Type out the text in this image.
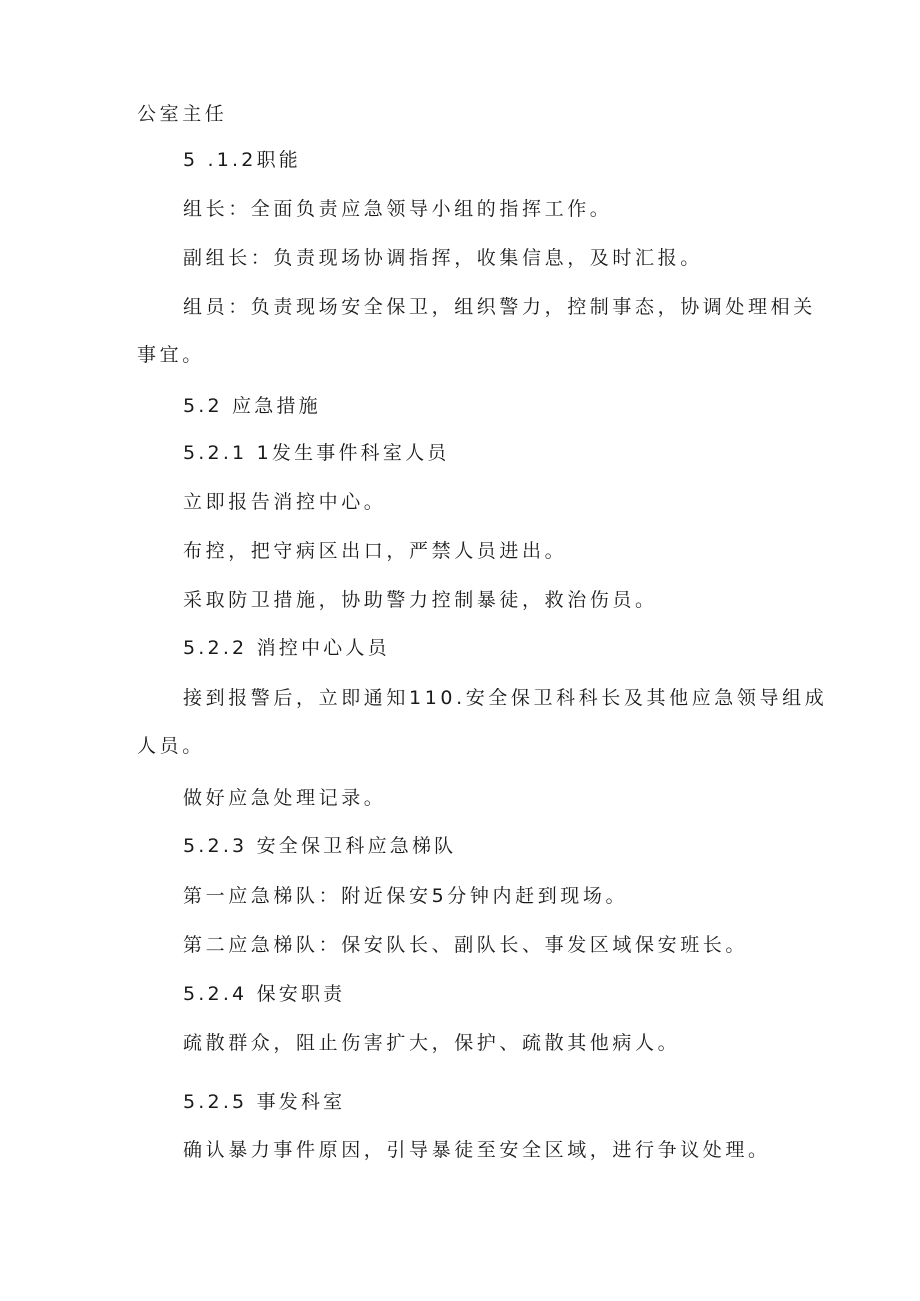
公室主任
5 .1.2职能
组长：全面负责应急领导小组的指挥工作。
副组长：负责现场协调指挥，收集信息，及时汇报。
组员：负责现场安全保卫，组织警力，控制事态，协调处理相关
事宜。
5.2 应急措施
5.2.1 1发生事件科室人员
立即报告消控中心。
布控，把守病区出口，严禁人员进出。
采取防卫措施，协助警力控制暴徒，救治伤员。
5.2.2 消控中心人员
接到报警后，立即通知110.安全保卫科科长及其他应急领导组成
人员。
做好应急处理记录。
5.2.3 安全保卫科应急梯队
第一应急梯队：附近保安5分钟内赶到现场。
第二应急梯队：保安队长、副队长、事发区域保安班长。
5.2.4 保安职责
疏散群众，阻止伤害扩大，保护、疏散其他病人。
5.2.5 事发科室
确认暴力事件原因，引导暴徒至安全区域，进行争议处理。
